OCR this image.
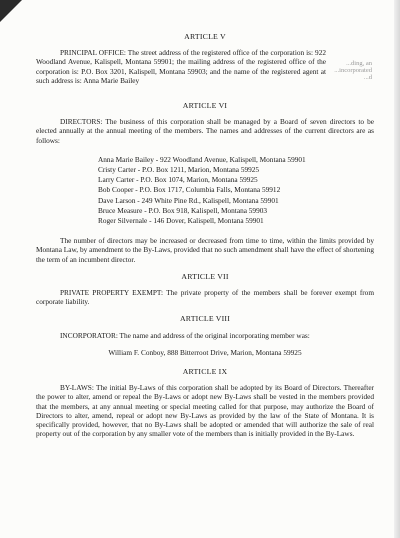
...ding, an
...incorporated
...d
ARTICLE V

PRINCIPAL OFFICE: The street address of the registered office of the corporation is: 922 Woodland Avenue, Kalispell, Montana 59901; the mailing address of the registered office of the corporation is: P.O. Box 3201, Kalispell, Montana 59903; and the name of the registered agent at such address is: Anna Marie Bailey

ARTICLE VI

DIRECTORS: The business of this corporation shall be managed by a Board of seven directors to be elected annually at the annual meeting of the members. The names and addresses of the current directors are as follows:

Anna Marie Bailey - 922 Woodland Avenue, Kalispell, Montana 59901
Cristy Carter - P.O. Box 1211, Marion, Montana 59925
Larry Carter - P.O. Box 1074, Marion, Montana 59925
Bob Cooper - P.O. Box 1717, Columbia Falls, Montana 59912
Dave Larson - 249 White Pine Rd., Kalispell, Montana 59901
Bruce Measure - P.O. Box 918, Kalispell, Montana 59903
Roger Silvernale - 146 Dover, Kalispell, Montana 59901

The number of directors may be increased or decreased from time to time, within the limits provided by Montana Law, by amendment to the By-Laws, provided that no such amendment shall have the effect of shortening the term of an incumbent director.

ARTICLE VII

PRIVATE PROPERTY EXEMPT: The private property of the members shall be forever exempt from corporate liability.

ARTICLE VIII

INCORPORATOR: The name and address of the original incorporating member was:

William F. Conboy, 888 Bitterroot Drive, Marion, Montana 59925
ARTICLE IX

BY-LAWS: The initial By-Laws of this corporation shall be adopted by its Board of Directors. Thereafter the power to alter, amend or repeal the By-Laws or adopt new By-Laws shall be vested in the members provided that the members, at any annual meeting or special meeting called for that purpose, may authorize the Board of Directors to alter, amend, repeal or adopt new By-Laws as provided by the law of the State of Montana. It is specifically provided, however, that no By-Laws shall be adopted or amended that will authorize the sale of real property out of the corporation by any smaller vote of the members than is initially provided in the By-Laws.
